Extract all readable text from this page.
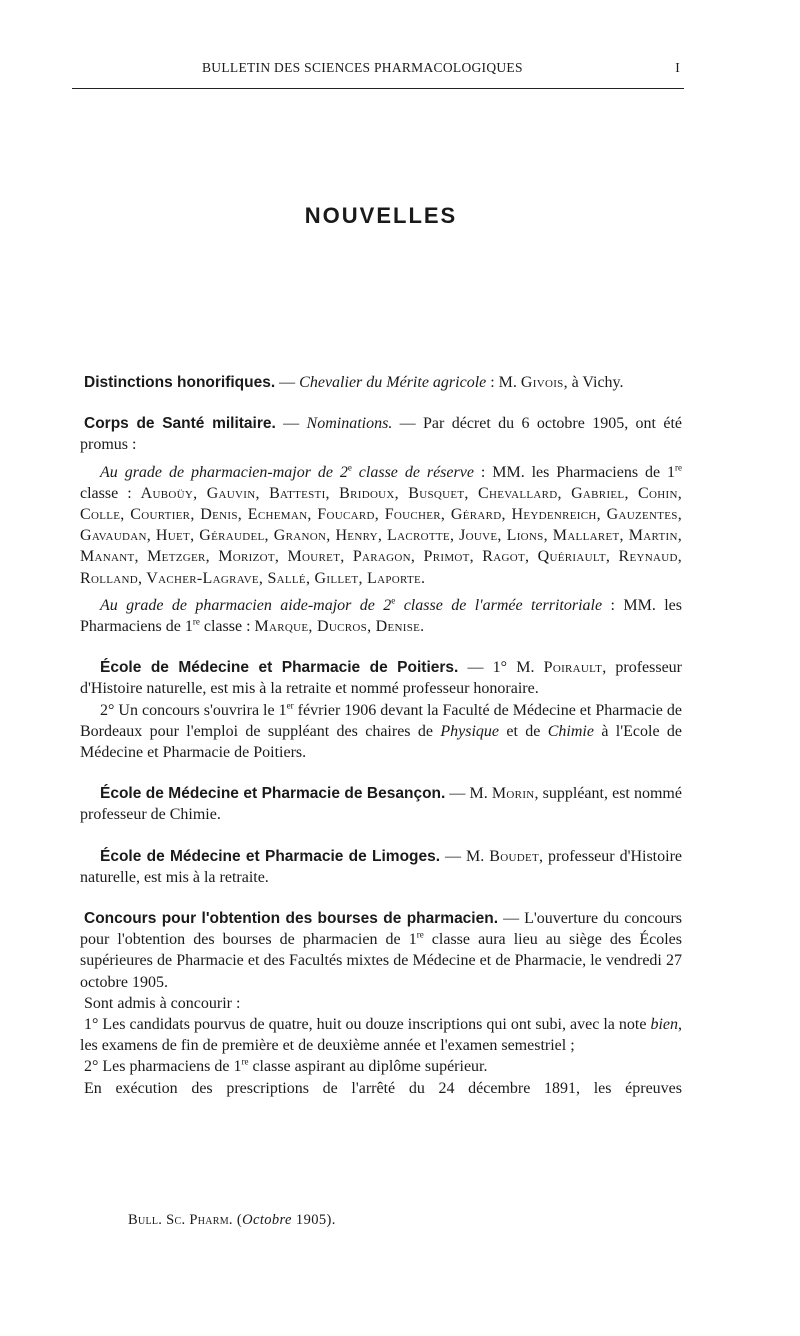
BULLETIN DES SCIENCES PHARMACOLOGIQUES	I
NOUVELLES

Distinctions honorifiques. — Chevalier du Mérite agricole : M. Givois, à Vichy.

Corps de Santé militaire. — Nominations. — Par décret du 6 octobre 1905, ont été promus :

Au grade de pharmacien-major de 2e classe de réserve : MM. les Pharmaciens de 1re classe : Auboüy, Gauvin, Battesti, Bridoux, Busquet, Chevallard, Gabriel, Cohin, Colle, Courtier, Denis, Echeman, Foucard, Foucher, Gérard, Heydenreich, Gauzentes, Gavaudan, Huet, Géraudel, Granon, Henry, Lacrotte, Jouve, Lions, Mallaret, Martin, Manant, Metzger, Morizot, Mouret, Paragon, Primot, Ragot, Quériault, Reynaud, Rolland, Vacher-Lagrave, Sallé, Gillet, Laporte.

Au grade de pharmacien aide-major de 2e classe de l'armée territoriale : MM. les Pharmaciens de 1re classe : Marque, Ducros, Denise.

École de Médecine et Pharmacie de Poitiers. — 1° M. Poirault, professeur d'Histoire naturelle, est mis à la retraite et nommé professeur honoraire.

2° Un concours s'ouvrira le 1er février 1906 devant la Faculté de Médecine et Pharmacie de Bordeaux pour l'emploi de suppléant des chaires de Physique et de Chimie à l'Ecole de Médecine et Pharmacie de Poitiers.

École de Médecine et Pharmacie de Besançon. — M. Morin, suppléant, est nommé professeur de Chimie.

École de Médecine et Pharmacie de Limoges. — M. Boudet, professeur d'Histoire naturelle, est mis à la retraite.

Concours pour l'obtention des bourses de pharmacien. — L'ouverture du concours pour l'obtention des bourses de pharmacien de 1re classe aura lieu au siège des Écoles supérieures de Pharmacie et des Facultés mixtes de Médecine et de Pharmacie, le vendredi 27 octobre 1905.

Sont admis à concourir :

1° Les candidats pourvus de quatre, huit ou douze inscriptions qui ont subi, avec la note bien, les examens de fin de première et de deuxième année et l'examen semestriel ;

2° Les pharmaciens de 1re classe aspirant au diplôme supérieur.

En exécution des prescriptions de l'arrêté du 24 décembre 1891, les épreuves

Bull. Sc. Pharm. (Octobre 1905).
